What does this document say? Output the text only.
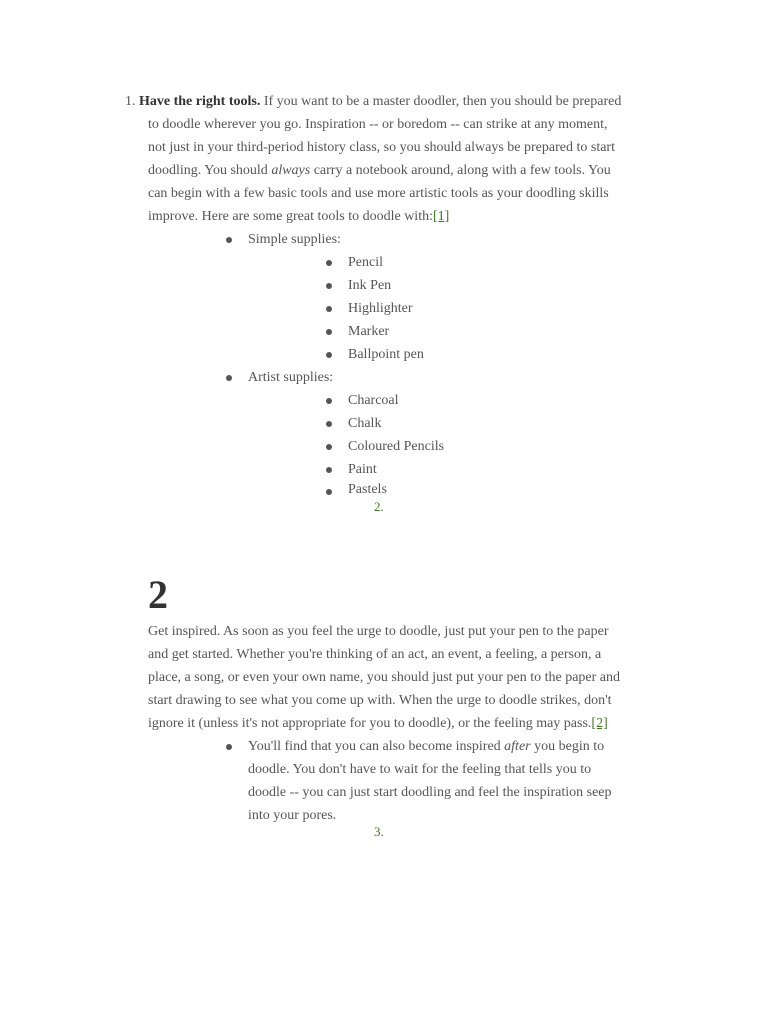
1. Have the right tools. If you want to be a master doodler, then you should be prepared
to doodle wherever you go. Inspiration -- or boredom -- can strike at any moment,
not just in your third-period history class, so you should always be prepared to start
doodling. You should always carry a notebook around, along with a few tools. You
can begin with a few basic tools and use more artistic tools as your doodling skills
improve. Here are some great tools to doodle with:[1]
Simple supplies:
Pencil
Ink Pen
Highlighter
Marker
Ballpoint pen
Artist supplies:
Charcoal
Chalk
Coloured Pencils
Paint
Pastels
2.
2
Get inspired. As soon as you feel the urge to doodle, just put your pen to the paper
and get started. Whether you're thinking of an act, an event, a feeling, a person, a
place, a song, or even your own name, you should just put your pen to the paper and
start drawing to see what you come up with. When the urge to doodle strikes, don't
ignore it (unless it's not appropriate for you to doodle), or the feeling may pass.[2]
You'll find that you can also become inspired after you begin to
doodle. You don't have to wait for the feeling that tells you to
doodle -- you can just start doodling and feel the inspiration seep
into your pores.
3.
